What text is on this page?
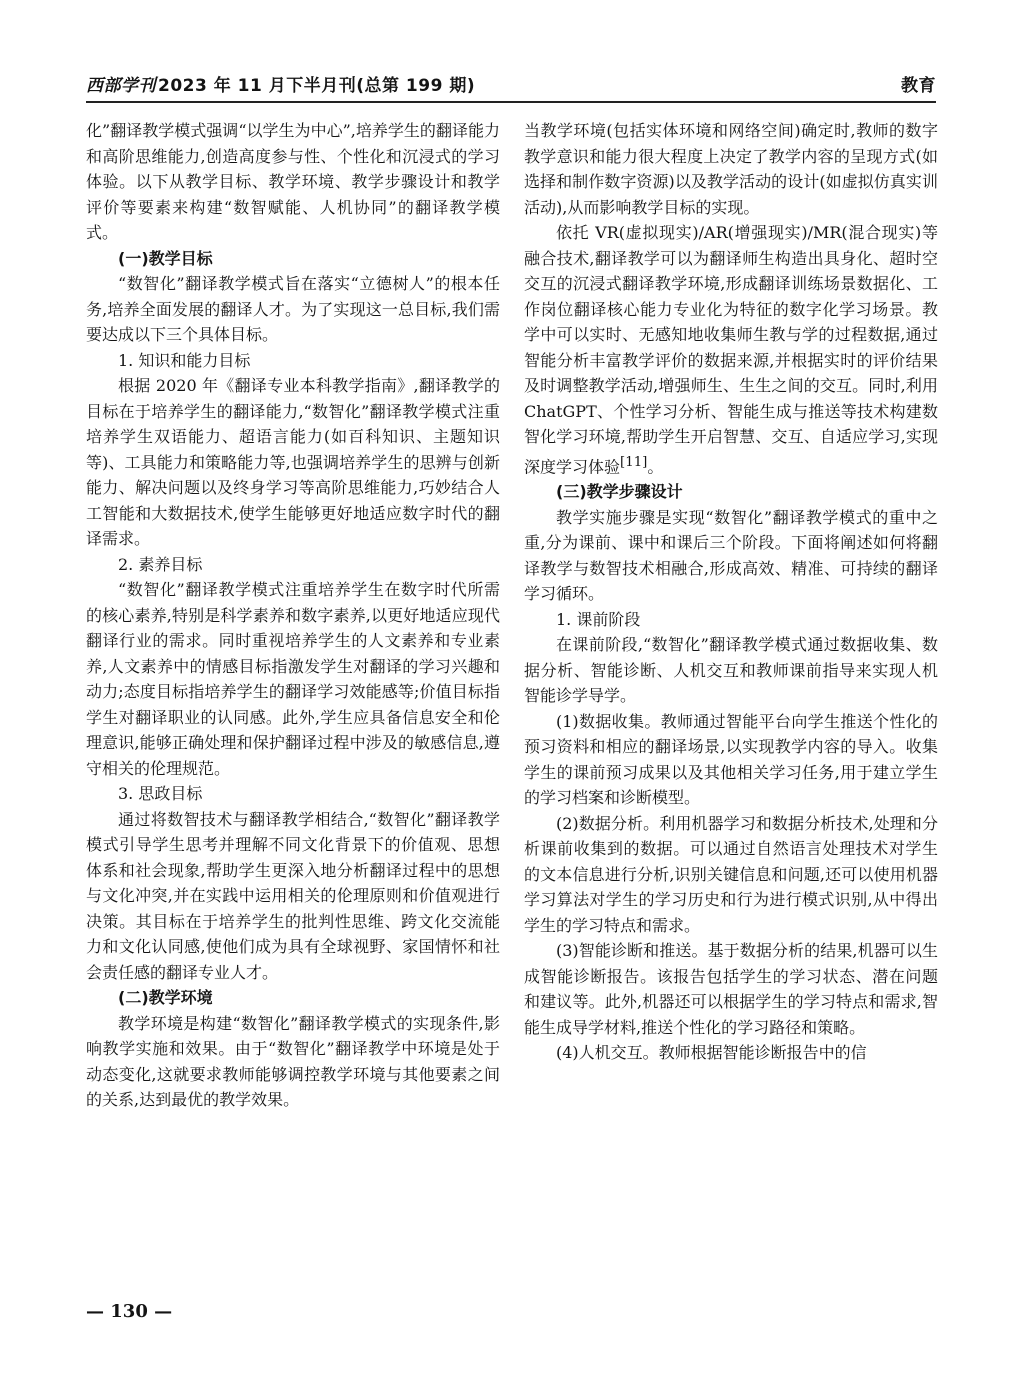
西部学刊 2023 年 11 月下半月刊(总第 199 期)	教育

化”翻译教学模式强调“以学生为中心”,培养学生的翻译能力和高阶思维能力,创造高度参与性、个性化和沉浸式的学习体验。以下从教学目标、教学环境、教学步骤设计和教学评价等要素来构建“数智赋能、人机协同”的翻译教学模式。

(一)教学目标

“数智化”翻译教学模式旨在落实“立德树人”的根本任务,培养全面发展的翻译人才。为了实现这一总目标,我们需要达成以下三个具体目标。

1. 知识和能力目标

根据 2020 年《翻译专业本科教学指南》,翻译教学的目标在于培养学生的翻译能力,“数智化”翻译教学模式注重培养学生双语能力、超语言能力(如百科知识、主题知识等)、工具能力和策略能力等,也强调培养学生的思辨与创新能力、解决问题以及终身学习等高阶思维能力,巧妙结合人工智能和大数据技术,使学生能够更好地适应数字时代的翻译需求。

2. 素养目标

“数智化”翻译教学模式注重培养学生在数字时代所需的核心素养,特别是科学素养和数字素养,以更好地适应现代翻译行业的需求。同时重视培养学生的人文素养和专业素养,人文素养中的情感目标指激发学生对翻译的学习兴趣和动力;态度目标指培养学生的翻译学习效能感等;价值目标指学生对翻译职业的认同感。此外,学生应具备信息安全和伦理意识,能够正确处理和保护翻译过程中涉及的敏感信息,遵守相关的伦理规范。

3. 思政目标

通过将数智技术与翻译教学相结合,“数智化”翻译教学模式引导学生思考并理解不同文化背景下的价值观、思想体系和社会现象,帮助学生更深入地分析翻译过程中的思想与文化冲突,并在实践中运用相关的伦理原则和价值观进行决策。其目标在于培养学生的批判性思维、跨文化交流能力和文化认同感,使他们成为具有全球视野、家国情怀和社会责任感的翻译专业人才。

(二)教学环境

教学环境是构建“数智化”翻译教学模式的实现条件,影响教学实施和效果。由于“数智化”翻译教学中环境是处于动态变化,这就要求教师能够调控教学环境与其他要素之间的关系,达到最优的教学效果。

当教学环境(包括实体环境和网络空间)确定时,教师的数字教学意识和能力很大程度上决定了教学内容的呈现方式(如选择和制作数字资源)以及教学活动的设计(如虚拟仿真实训活动),从而影响教学目标的实现。

依托 VR(虚拟现实)/AR(增强现实)/MR(混合现实)等融合技术,翻译教学可以为翻译师生构造出具身化、超时空交互的沉浸式翻译教学环境,形成翻译训练场景数据化、工作岗位翻译核心能力专业化为特征的数字化学习场景。教学中可以实时、无感知地收集师生教与学的过程数据,通过智能分析丰富教学评价的数据来源,并根据实时的评价结果及时调整教学活动,增强师生、生生之间的交互。同时,利用 ChatGPT、个性学习分析、智能生成与推送等技术构建数智化学习环境,帮助学生开启智慧、交互、自适应学习,实现深度学习体验[11]。

(三)教学步骤设计

教学实施步骤是实现“数智化”翻译教学模式的重中之重,分为课前、课中和课后三个阶段。下面将阐述如何将翻译教学与数智技术相融合,形成高效、精准、可持续的翻译学习循环。

1. 课前阶段

在课前阶段,“数智化”翻译教学模式通过数据收集、数据分析、智能诊断、人机交互和教师课前指导来实现人机智能诊学导学。

(1)数据收集。教师通过智能平台向学生推送个性化的预习资料和相应的翻译场景,以实现教学内容的导入。收集学生的课前预习成果以及其他相关学习任务,用于建立学生的学习档案和诊断模型。

(2)数据分析。利用机器学习和数据分析技术,处理和分析课前收集到的数据。可以通过自然语言处理技术对学生的文本信息进行分析,识别关键信息和问题,还可以使用机器学习算法对学生的学习历史和行为进行模式识别,从中得出学生的学习特点和需求。

(3)智能诊断和推送。基于数据分析的结果,机器可以生成智能诊断报告。该报告包括学生的学习状态、潜在问题和建议等。此外,机器还可以根据学生的学习特点和需求,智能生成导学材料,推送个性化的学习路径和策略。

(4)人机交互。教师根据智能诊断报告中的信

— 130 —
